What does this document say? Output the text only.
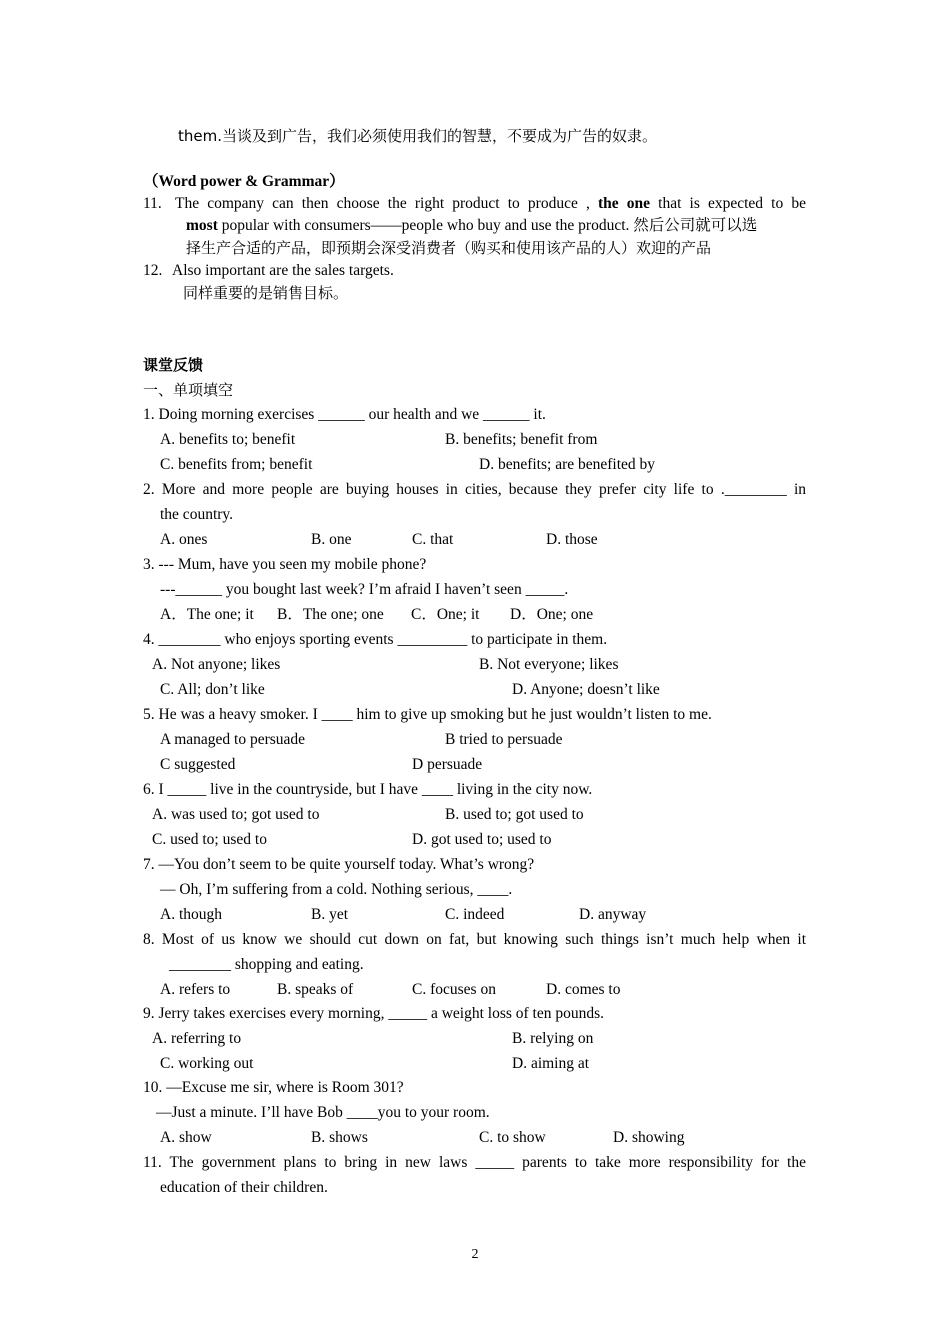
them.当谈及到广告，我们必须使用我们的智慧，不要成为广告的奴隶。
（Word power & Grammar）
11. The company can then choose the right product to produce , the one that is expected to be
most popular with consumers——people who buy and use the product. 然后公司就可以选
择生产合适的产品，即预期会深受消费者（购买和使用该产品的人）欢迎的产品
12. Also important are the sales targets.
同样重要的是销售目标。
课堂反馈
一、单项填空
1. Doing morning exercises ______ our health and we ______ it.
A. benefits to; benefit	B. benefits; benefit from
C. benefits from; benefit	D. benefits; are benefited by
2. More and more people are buying houses in cities, because they prefer city life to .________ in
the country.
A. ones	B. one	C. that	D. those
3. --- Mum, have you seen my mobile phone?
---______ you bought last week? I’m afraid I haven’t seen _____.
A．The one; it B．The one; one C．One; it D．One; one
4. ________ who enjoys sporting events _________ to participate in them.
A. Not anyone; likes	B. Not everyone; likes
C. All; don’t like	D. Anyone; doesn’t like
5. He was a heavy smoker. I ____ him to give up smoking but he just wouldn’t listen to me.
A managed to persuade	B tried to persuade
C suggested	D persuade
6. I _____ live in the countryside, but I have ____ living in the city now.
A. was used to; got used to	B. used to; got used to
C. used to; used to	D. got used to; used to
7. —You don’t seem to be quite yourself today. What’s wrong?
— Oh, I’m suffering from a cold. Nothing serious, ____.
A. though	B. yet	C. indeed	D. anyway
8. Most of us know we should cut down on fat, but knowing such things isn’t much help when it
________ shopping and eating.
A. refers to	B. speaks of	C. focuses on	D. comes to
9. Jerry takes exercises every morning, _____ a weight loss of ten pounds.
A. referring to	B. relying on
C. working out	D. aiming at
10. —Excuse me sir, where is Room 301?
—Just a minute. I’ll have Bob ____you to your room.
A. show	B. shows	C. to show	D. showing
11. The government plans to bring in new laws _____ parents to take more responsibility for the
education of their children.
2
